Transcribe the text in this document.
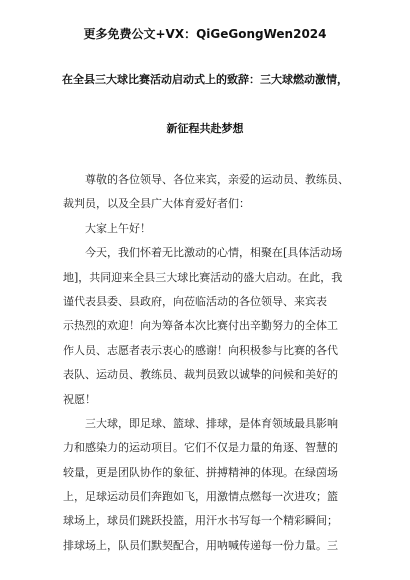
更多免费公文+VX：QiGeGongWen2024
在全县三大球比赛活动启动式上的致辞：三大球燃动激情，
新征程共赴梦想
尊敬的各位领导、各位来宾，亲爱的运动员、教练员、
裁判员，以及全县广大体育爱好者们：
大家上午好！
今天，我们怀着无比激动的心情，相聚在[具体活动场
地]，共同迎来全县三大球比赛活动的盛大启动。在此，我
谨代表县委、县政府，向莅临活动的各位领导、来宾表
示热烈的欢迎！向为筹备本次比赛付出辛勤努力的全体工
作人员、志愿者表示衷心的感谢！向积极参与比赛的各代
表队、运动员、教练员、裁判员致以诚挚的问候和美好的
祝愿！
三大球，即足球、篮球、排球，是体育领域最具影响
力和感染力的运动项目。它们不仅是力量的角逐、智慧的
较量，更是团队协作的象征、拼搏精神的体现。在绿茵场
上，足球运动员们奔跑如飞，用激情点燃每一次进攻；篮
球场上，球员们跳跃投篮，用汗水书写每一个精彩瞬间；
排球场上，队员们默契配合，用呐喊传递每一份力量。三
